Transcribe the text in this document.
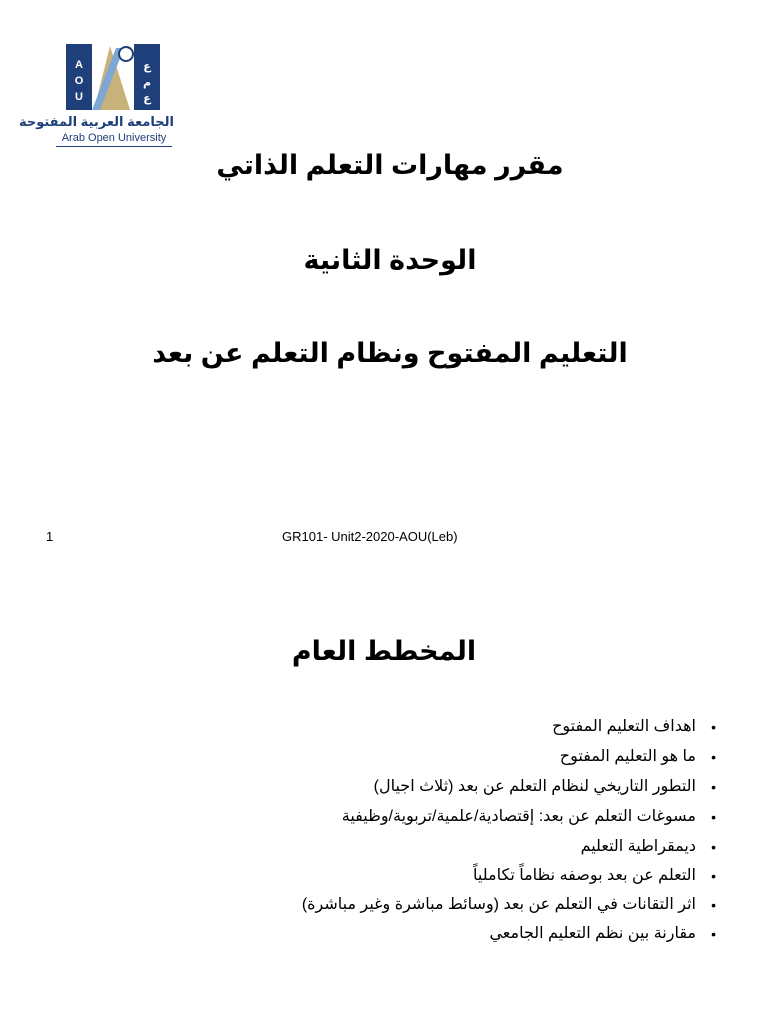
A
O
U
ع
م
ع
الجامعة العربية المفتوحة
Arab Open University
مقرر مهارات التعلم الذاتي
الوحدة الثانية
التعليم المفتوح ونظام التعلم عن بعد
1	GR101- Unit2-2020-AOU(Leb)
المخطط العام
•
اهداف التعليم المفتوح
•
ما هو التعليم المفتوح
•
التطور التاريخي لنظام التعلم عن بعد (ثلاث اجيال)
•
مسوغات التعلم عن بعد: إقتصادية/علمية/تربوية/وظيفية
•
ديمقراطية التعليم
•
التعلم عن بعد بوصفه نظاماً تكاملياً
•
اثر التقانات في التعلم عن بعد (وسائط مباشرة وغير مباشرة)
•
مقارنة بين نظم التعليم الجامعي
